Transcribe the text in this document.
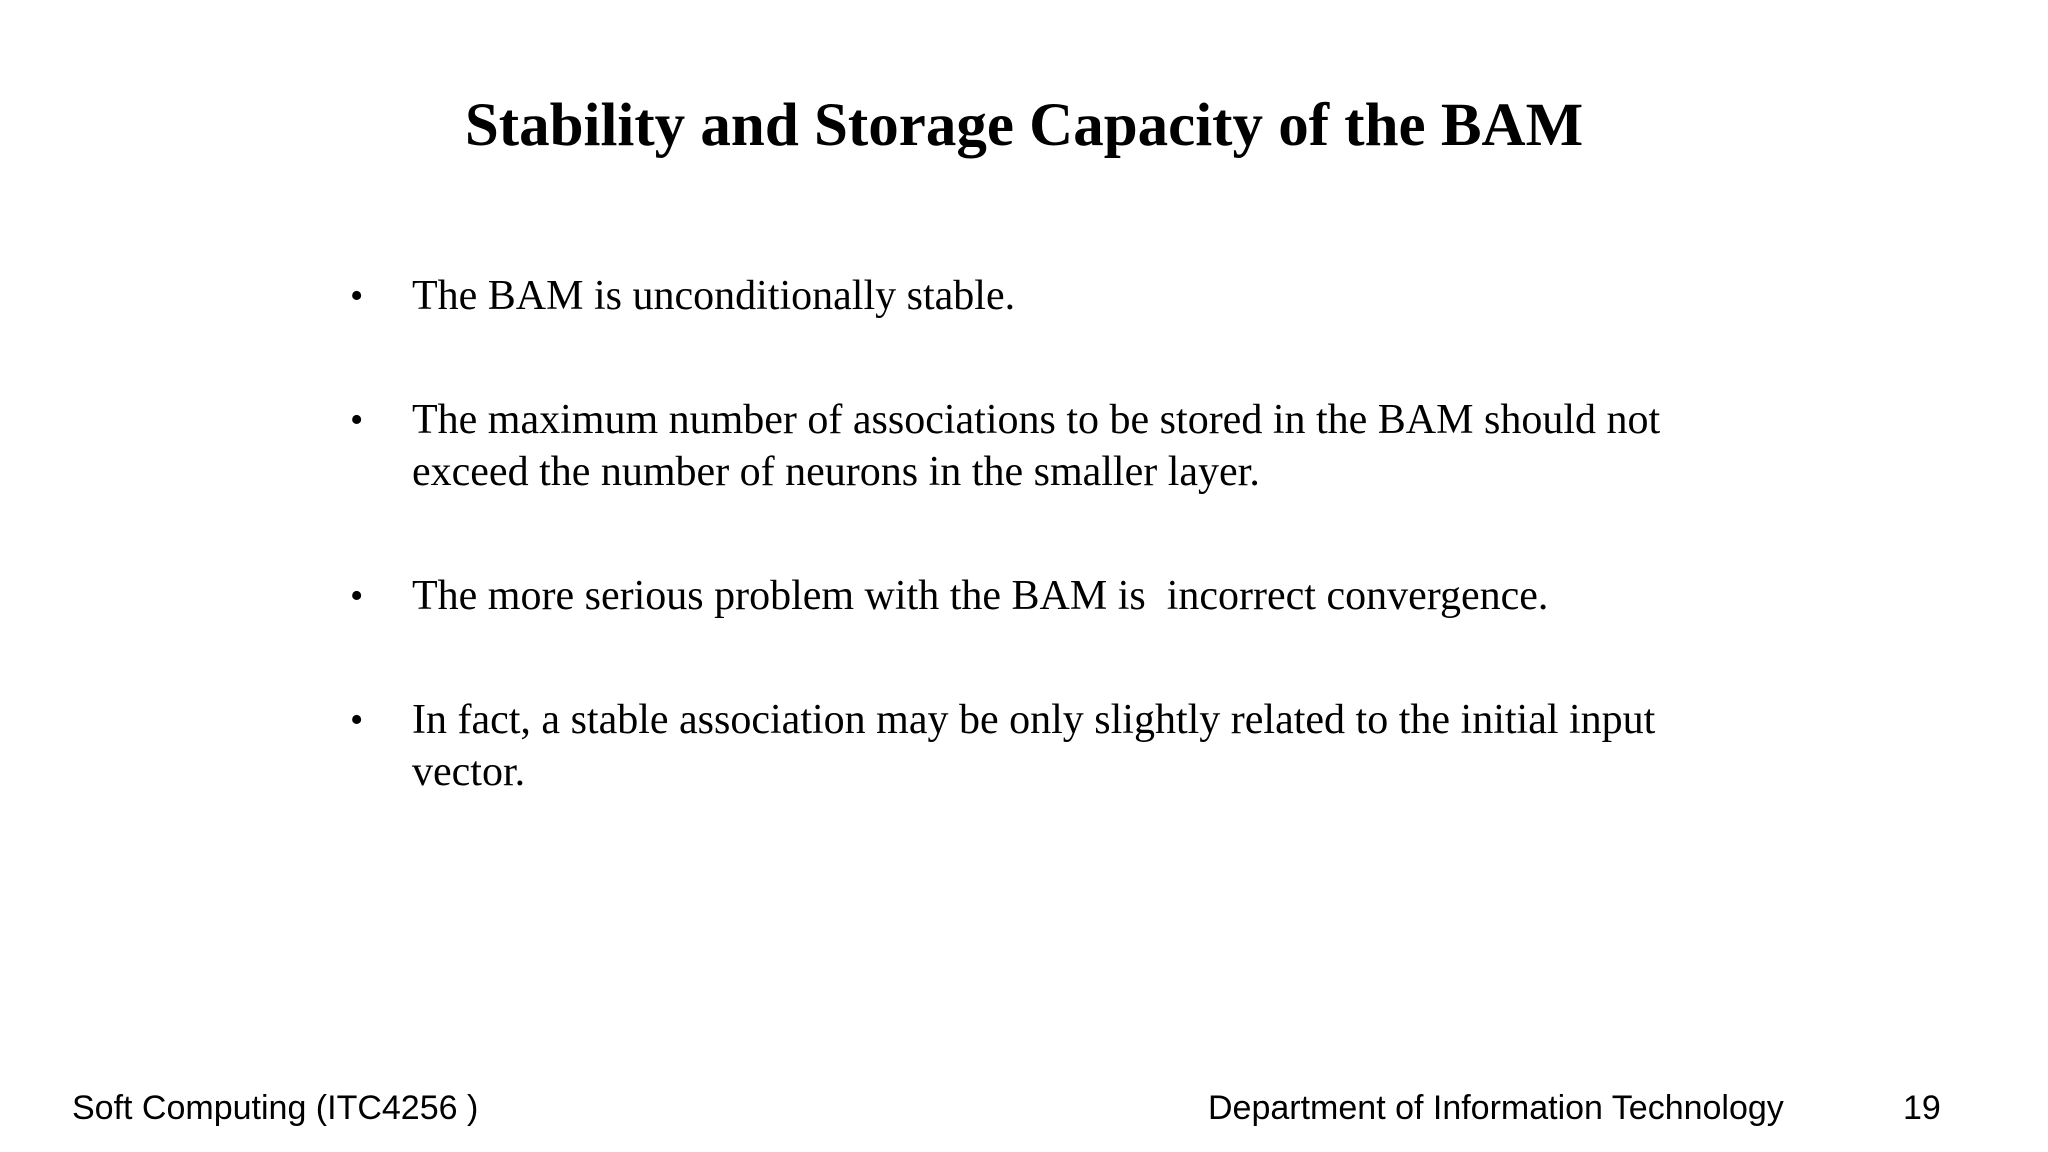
Stability and Storage Capacity of the BAM
•	The BAM is unconditionally stable.
•	The maximum number of associations to be stored in the BAM should not exceed the number of neurons in the smaller layer.
•	The more serious problem with the BAM is  incorrect convergence.
•	In fact, a stable association may be only slightly related to the initial input vector.
Soft Computing (ITC4256 )	Department of Information Technology	19
